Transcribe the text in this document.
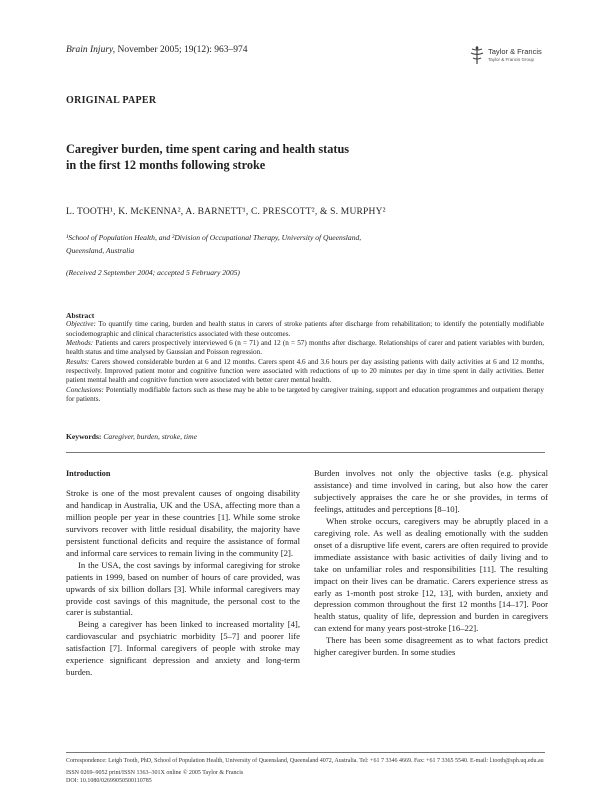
Brain Injury, November 2005; 19(12): 963–974	Taylor & Francis
Taylor & Francis Group
ORIGINAL PAPER
Caregiver burden, time spent caring and health status
in the first 12 months following stroke
L. TOOTH¹, K. McKENNA², A. BARNETT¹, C. PRESCOTT², & S. MURPHY²
¹School of Population Health, and ²Division of Occupational Therapy, University of Queensland,
Queensland, Australia
(Received 2 September 2004; accepted 5 February 2005)
Abstract

Objective: To quantify time caring, burden and health status in carers of stroke patients after discharge from rehabilitation; to identify the potentially modifiable sociodemographic and clinical characteristics associated with these outcomes.

Methods: Patients and carers prospectively interviewed 6 (n = 71) and 12 (n = 57) months after discharge. Relationships of carer and patient variables with burden, health status and time analysed by Gaussian and Poisson regression.

Results: Carers showed considerable burden at 6 and 12 months. Carers spent 4.6 and 3.6 hours per day assisting patients with daily activities at 6 and 12 months, respectively. Improved patient motor and cognitive function were associated with reductions of up to 20 minutes per day in time spent in daily activities. Better patient mental health and cognitive function were associated with better carer mental health.

Conclusions: Potentially modifiable factors such as these may be able to be targeted by caregiver training, support and education programmes and outpatient therapy for patients.

Keywords: Caregiver, burden, stroke, time
Introduction

Stroke is one of the most prevalent causes of ongoing disability and handicap in Australia, UK and the USA, affecting more than a million people per year in these countries [1]. While some stroke survivors recover with little residual disability, the majority have persistent functional deficits and require the assistance of formal and informal care services to remain living in the community [2].

In the USA, the cost savings by informal caregiving for stroke patients in 1999, based on number of hours of care provided, was upwards of six billion dollars [3]. While informal caregivers may provide cost savings of this magnitude, the personal cost to the carer is substantial.

Being a caregiver has been linked to increased mortality [4], cardiovascular and psychiatric morbidity [5–7] and poorer life satisfaction [7]. Informal caregivers of people with stroke may experience significant depression and anxiety and long-term burden.

Burden involves not only the objective tasks (e.g. physical assistance) and time involved in caring, but also how the carer subjectively appraises the care he or she provides, in terms of feelings, attitudes and perceptions [8–10].

When stroke occurs, caregivers may be abruptly placed in a caregiving role. As well as dealing emotionally with the sudden onset of a disruptive life event, carers are often required to provide immediate assistance with basic activities of daily living and to take on unfamiliar roles and responsibilities [11]. The resulting impact on their lives can be dramatic. Carers experience stress as early as 1-month post stroke [12, 13], with burden, anxiety and depression common throughout the first 12 months [14–17]. Poor health status, quality of life, depression and burden in caregivers can extend for many years post-stroke [16–22].

There has been some disagreement as to what factors predict higher caregiver burden. In some studies

Correspondence: Leigh Tooth, PhD, School of Population Health, University of Queensland, Queensland 4072, Australia. Tel: +61 7 3346 4669. Fax: +61 7 3365 5540. E-mail: l.tooth@sph.uq.edu.au

ISSN 0269–9052 print/ISSN 1363–301X online © 2005 Taylor & Francis

DOI: 10.1080/02699050500110785
